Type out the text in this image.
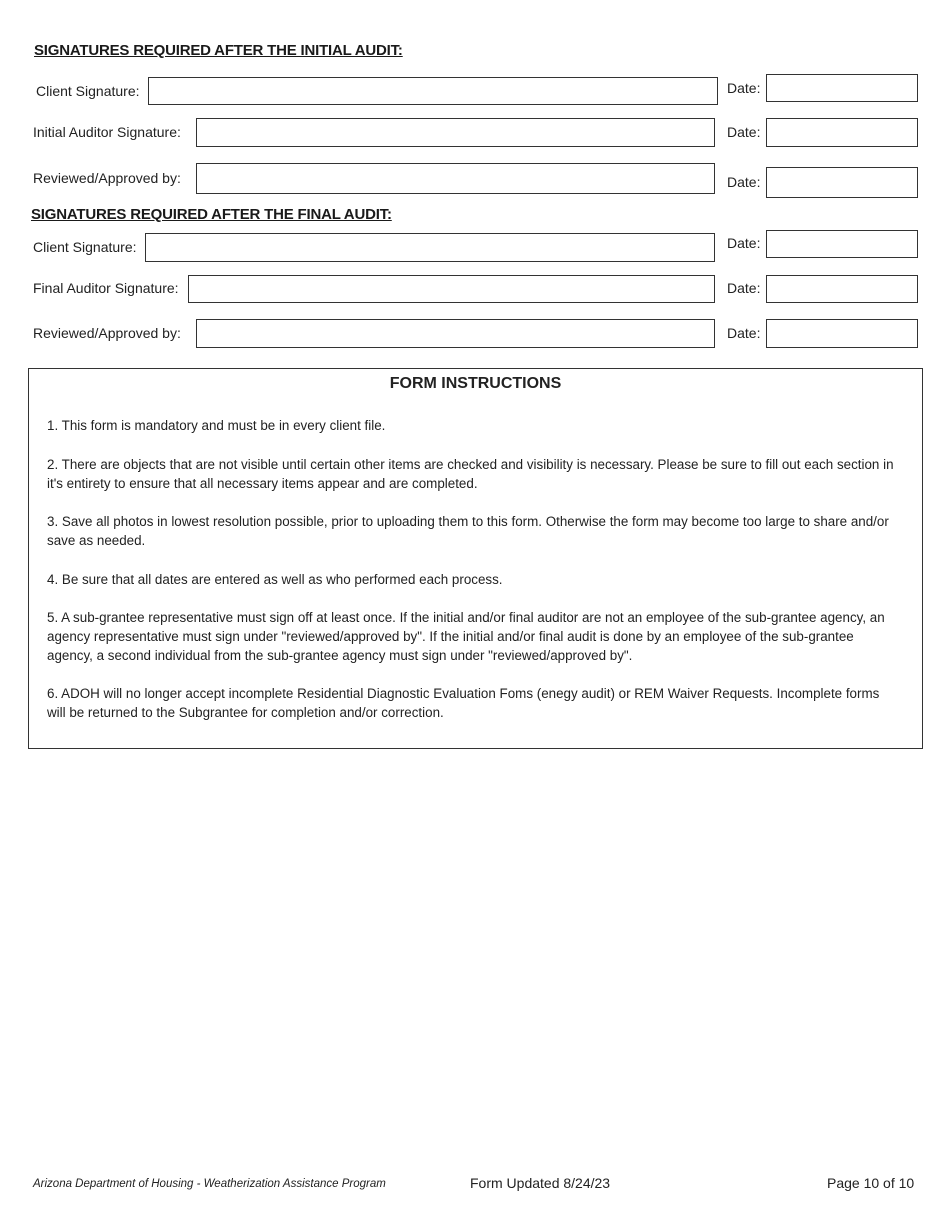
SIGNATURES REQUIRED AFTER THE INITIAL AUDIT:
Client Signature:	Date:
Initial Auditor Signature:	Date:
Reviewed/Approved by:	Date:
SIGNATURES REQUIRED AFTER THE FINAL AUDIT:
Client Signature:	Date:
Final Auditor Signature:	Date:
Reviewed/Approved by:	Date:
FORM INSTRUCTIONS
1. This form is mandatory and must be in every client file.
2. There are objects that are not visible until certain other items are checked and visibility is necessary. Please be sure to fill out each section in it's entirety to ensure that all necessary items appear and are completed.
3. Save all photos in lowest resolution possible, prior to uploading them to this form. Otherwise the form may become too large to share and/or save as needed.
4. Be sure that all dates are entered as well as who performed each process.
5. A sub-grantee representative must sign off at least once. If the initial and/or final auditor are not an employee of the sub-grantee agency, an agency representative must sign under "reviewed/approved by". If the initial and/or final audit is done by an employee of the sub-grantee agency, a second individual from the sub-grantee agency must sign under "reviewed/approved by".
6. ADOH will no longer accept incomplete Residential Diagnostic Evaluation Foms (enegy audit) or REM Waiver Requests. Incomplete forms will be returned to the Subgrantee for completion and/or correction.
Arizona Department of Housing - Weatherization Assistance Program	Form Updated 8/24/23	Page 10 of 10
